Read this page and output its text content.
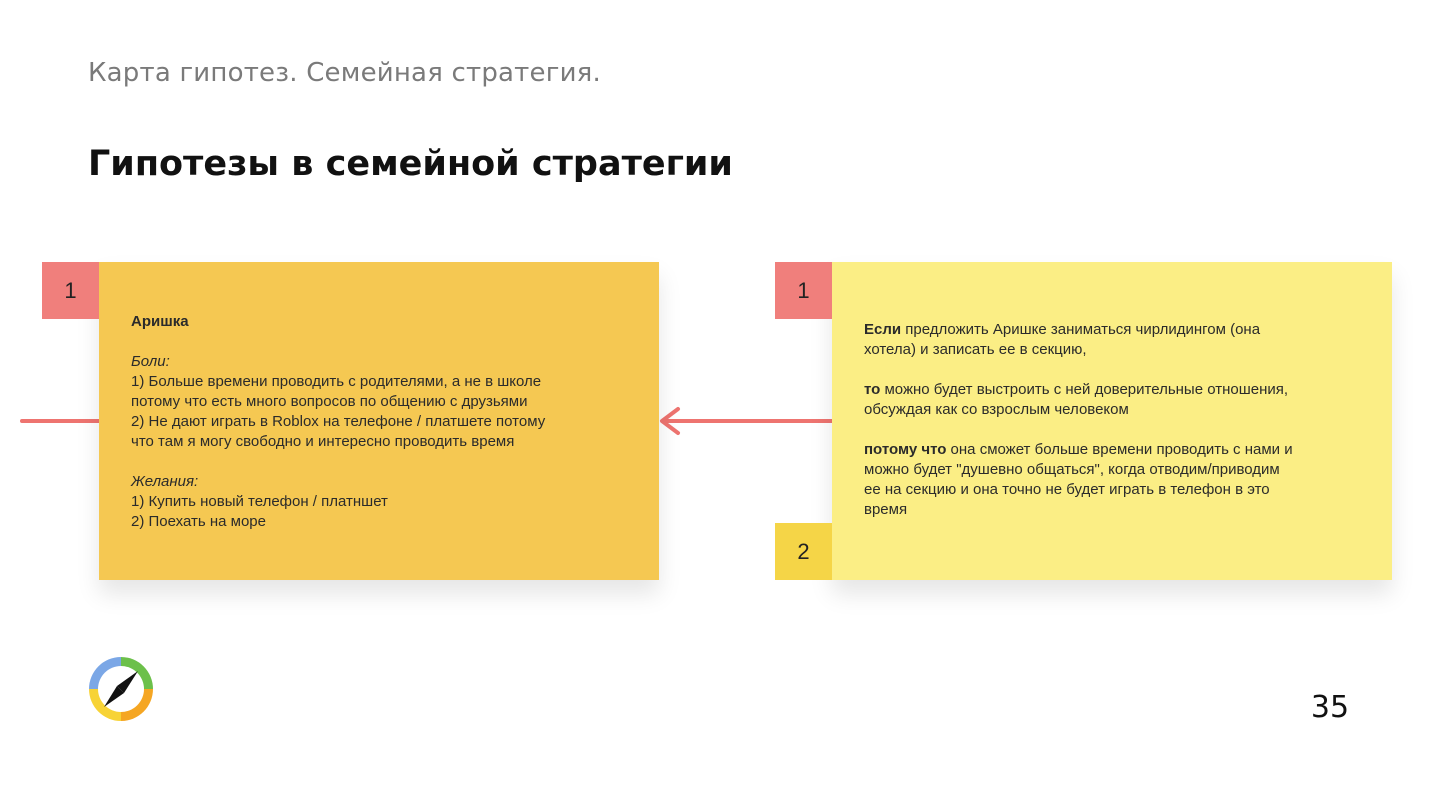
Карта гипотез. Семейная стратегия.
Гипотезы в семейной стратегии
Аришка
Боли:
1) Больше времени проводить с родителями, а не в школе
потому что есть много вопросов по общению с друзьями
2) Не дают играть в Roblox на телефоне / платшете потому
что там я могу свободно и интересно проводить время
Желания:
1) Купить новый телефон / платншет
2) Поехать на море
1
Если предложить Аришке заниматься чирлидингом (она
хотела) и записать ее в секцию,
то можно будет выстроить с ней доверительные отношения,
обсуждая как со взрослым человеком
потому что она сможет больше времени проводить с нами и
можно будет "душевно общаться", когда отводим/приводим
ее на секцию и она точно не будет играть в телефон в это
время
1
2
35
